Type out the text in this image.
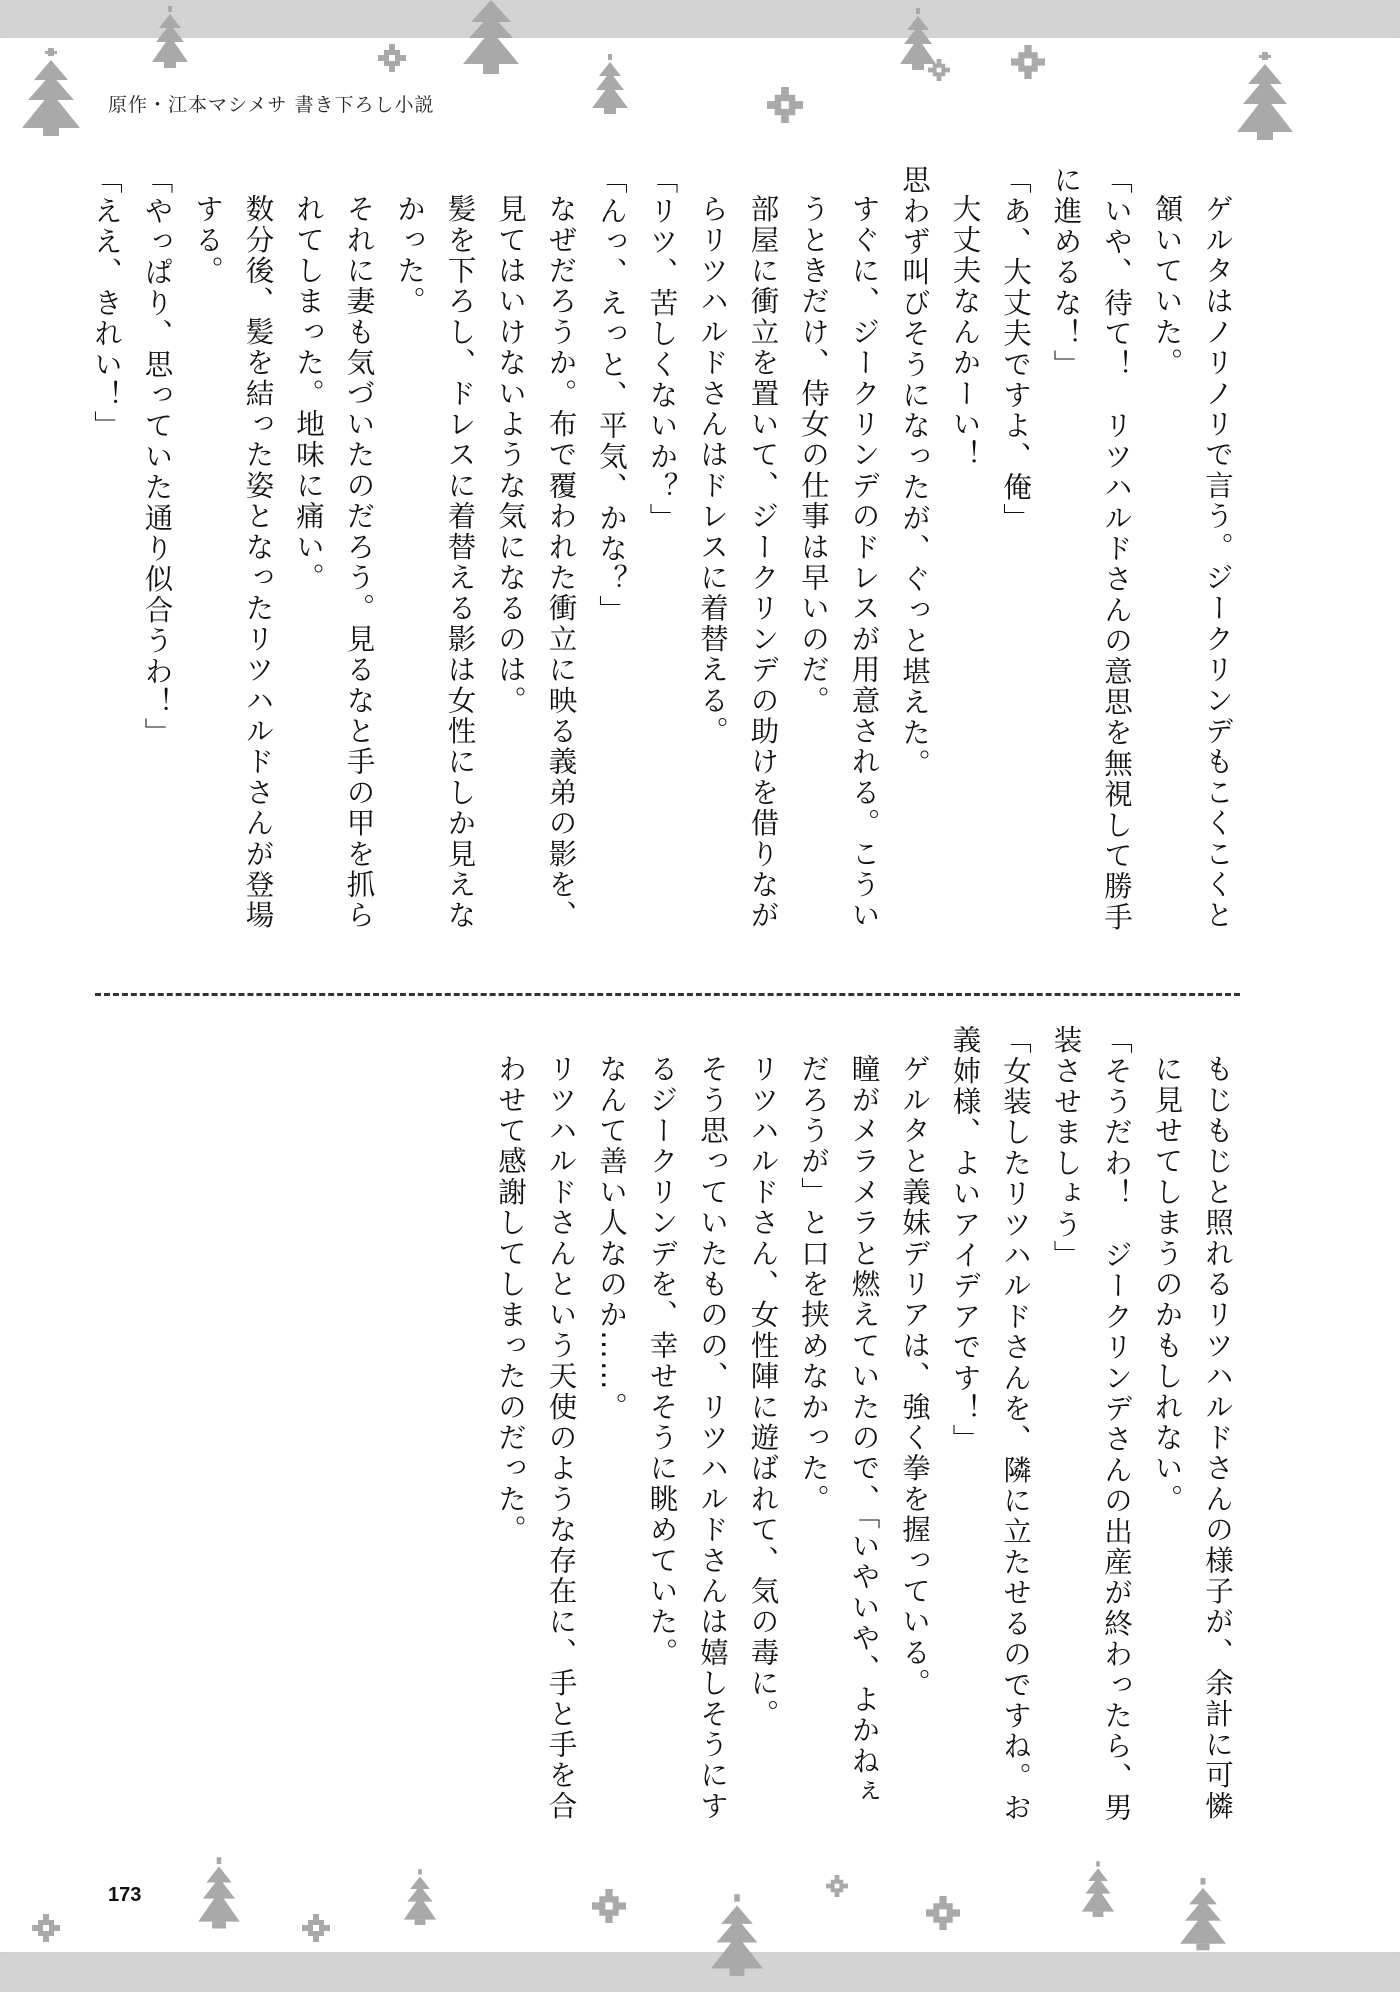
原作・江本マシメサ 書き下ろし小説

ゲルタはノリノリで言う。ジークリンデもこくこくと頷いていた。

「いや、待て！　リツハルドさんの意思を無視して勝手に進めるな！」

「あ、大丈夫ですよ、俺」

大丈夫なんかーい！

思わず叫びそうになったが、ぐっと堪えた。

すぐに、ジークリンデのドレスが用意される。こういうときだけ、侍女の仕事は早いのだ。

部屋に衝立を置いて、ジークリンデの助けを借りながらリツハルドさんはドレスに着替える。

「リツ、苦しくないか？」

「んっ、えっと、平気、かな？」

なぜだろうか。布で覆われた衝立に映る義弟の影を、見てはいけないような気になるのは。

髪を下ろし、ドレスに着替える影は女性にしか見えなかった。

それに妻も気づいたのだろう。見るなと手の甲を抓られてしまった。地味に痛い。

数分後、髪を結った姿となったリツハルドさんが登場する。

「やっぱり、思っていた通り似合うわ！」

「ええ、きれい！」

もじもじと照れるリツハルドさんの様子が、余計に可憐に見せてしまうのかもしれない。

「そうだわ！　ジークリンデさんの出産が終わったら、男装させましょう」

「女装したリツハルドさんを、隣に立たせるのですね。お義姉様、よいアイデアです！」

ゲルタと義妹デリアは、強く拳を握っている。

瞳がメラメラと燃えていたので、「いやいや、よかねぇだろうが」と口を挟めなかった。

リツハルドさん、女性陣に遊ばれて、気の毒に。

そう思っていたものの、リツハルドさんは嬉しそうにするジークリンデを、幸せそうに眺めていた。

なんて善い人なのか……。

リツハルドさんという天使のような存在に、手と手を合わせて感謝してしまったのだった。

173
